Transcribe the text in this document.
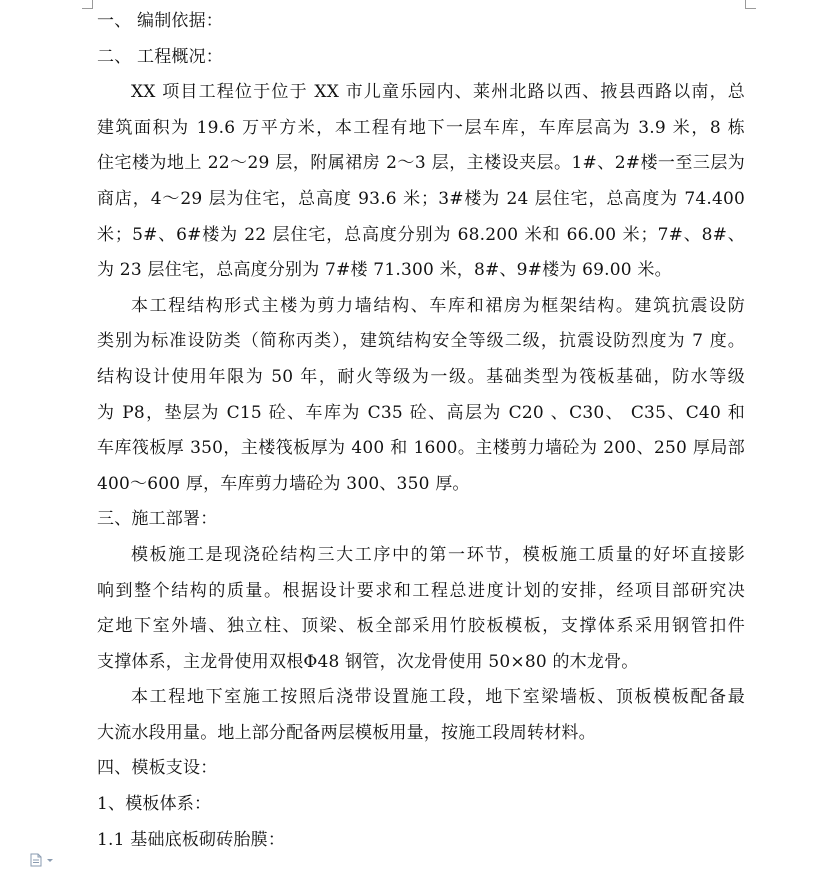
一、 编制依据：
二、 工程概况：
XX 项目工程位于位于 XX 市儿童乐园内、莱州北路以西、掖县西路以南，总
建筑面积为 19.6 万平方米，本工程有地下一层车库，车库层高为 3.9 米，8 栋
住宅楼为地上 22～29 层，附属裙房 2～3 层，主楼设夹层。1#、2#楼一至三层为
商店，4～29 层为住宅，总高度 93.6 米；3#楼为 24 层住宅，总高度为 74.400
米；5#、6#楼为 22 层住宅，总高度分别为 68.200 米和 66.00 米；7#、8#、
为 23 层住宅，总高度分别为 7#楼 71.300 米，8#、9#楼为 69.00 米。
本工程结构形式主楼为剪力墙结构、车库和裙房为框架结构。建筑抗震设防
类别为标准设防类（简称丙类），建筑结构安全等级二级，抗震设防烈度为 7 度。
结构设计使用年限为 50 年，耐火等级为一级。基础类型为筏板基础，防水等级
为 P8，垫层为 C15 砼、车库为 C35 砼、高层为 C20 、C30、 C35、C40 和
车库筏板厚 350，主楼筏板厚为 400 和 1600。主楼剪力墙砼为 200、250 厚局部
400～600 厚，车库剪力墙砼为 300、350 厚。
三、施工部署：
模板施工是现浇砼结构三大工序中的第一环节，模板施工质量的好坏直接影
响到整个结构的质量。根据设计要求和工程总进度计划的安排，经项目部研究决
定地下室外墙、独立柱、顶梁、板全部采用竹胶板模板，支撑体系采用钢管扣件
支撑体系，主龙骨使用双根Φ48 钢管，次龙骨使用 50×80 的木龙骨。
本工程地下室施工按照后浇带设置施工段，地下室梁墙板、顶板模板配备最
大流水段用量。地上部分配备两层模板用量，按施工段周转材料。
四、模板支设：
1、模板体系：
1.1 基础底板砌砖胎膜：
